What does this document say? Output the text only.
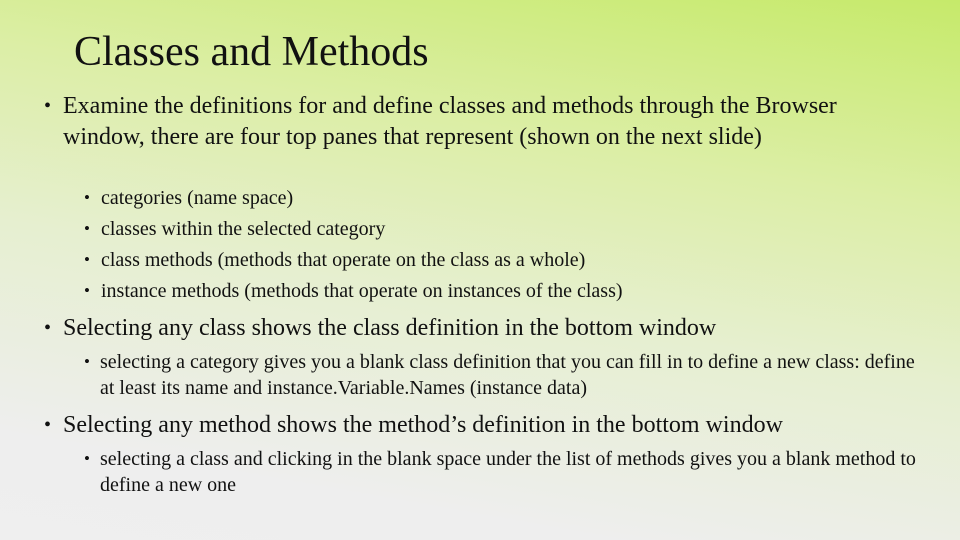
Classes and Methods
• Examine the definitions for and define classes and methods through the Browser window, there are four top panes that represent (shown on the next slide)
• categories (name space)
• classes within the selected category
• class methods (methods that operate on the class as a whole)
• instance methods (methods that operate on instances of the class)
• Selecting any class shows the class definition in the bottom window
• selecting a category gives you a blank class definition that you can fill in to define a new class: define at least its name and instance.Variable.Names (instance data)
• Selecting any method shows the method’s definition in the bottom window
• selecting a class and clicking in the blank space under the list of methods gives you a blank method to define a new one
